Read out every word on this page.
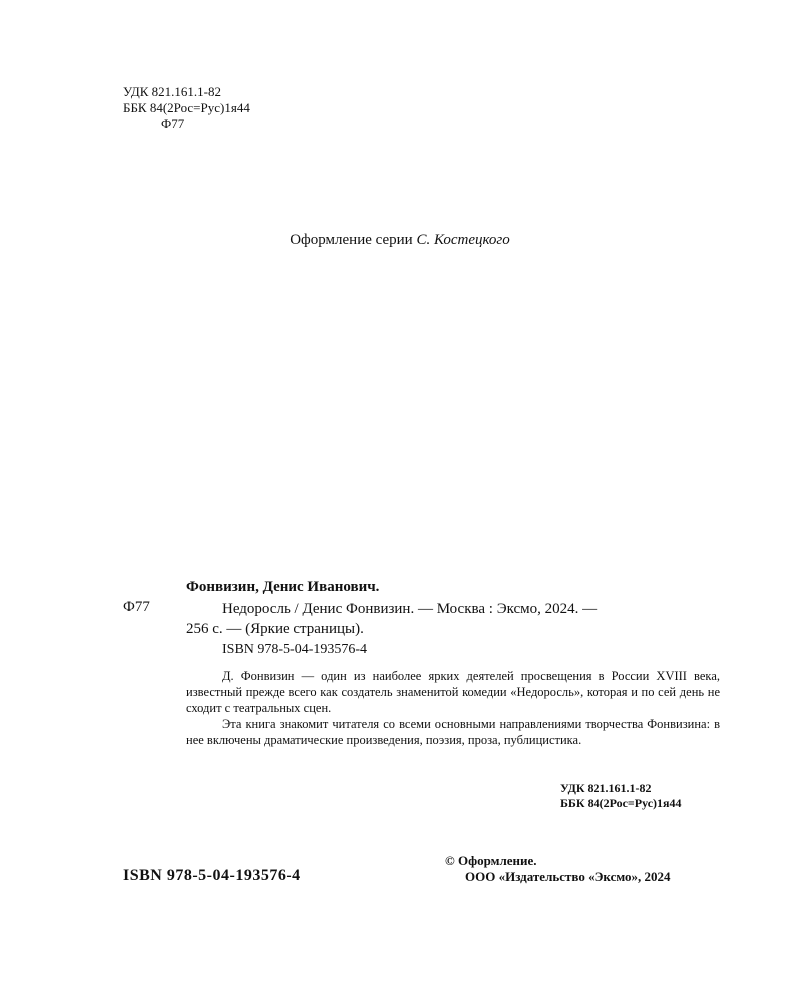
УДК 821.161.1-82
ББК 84(2Рос=Рус)1я44
Ф77
Оформление серии С. Костецкого
Фонвизин, Денис Иванович.
Ф77	Недоросль / Денис Фонвизин. — Москва : Эксмо, 2024. —
256 с. — (Яркие страницы).
ISBN 978-5-04-193576-4

Д. Фонвизин — один из наиболее ярких деятелей просвещения в России XVIII века, известный прежде всего как создатель знаменитой комедии «Недоросль», которая и по сей день не сходит с театральных сцен.

Эта книга знакомит читателя со всеми основными направлениями творчества Фонвизина: в нее включены драматические произведения, поэзия, проза, публицистика.

УДК 821.161.1-82
ББК 84(2Рос=Рус)1я44
© Оформление.
ООО «Издательство «Эксмо», 2024
ISBN 978-5-04-193576-4
